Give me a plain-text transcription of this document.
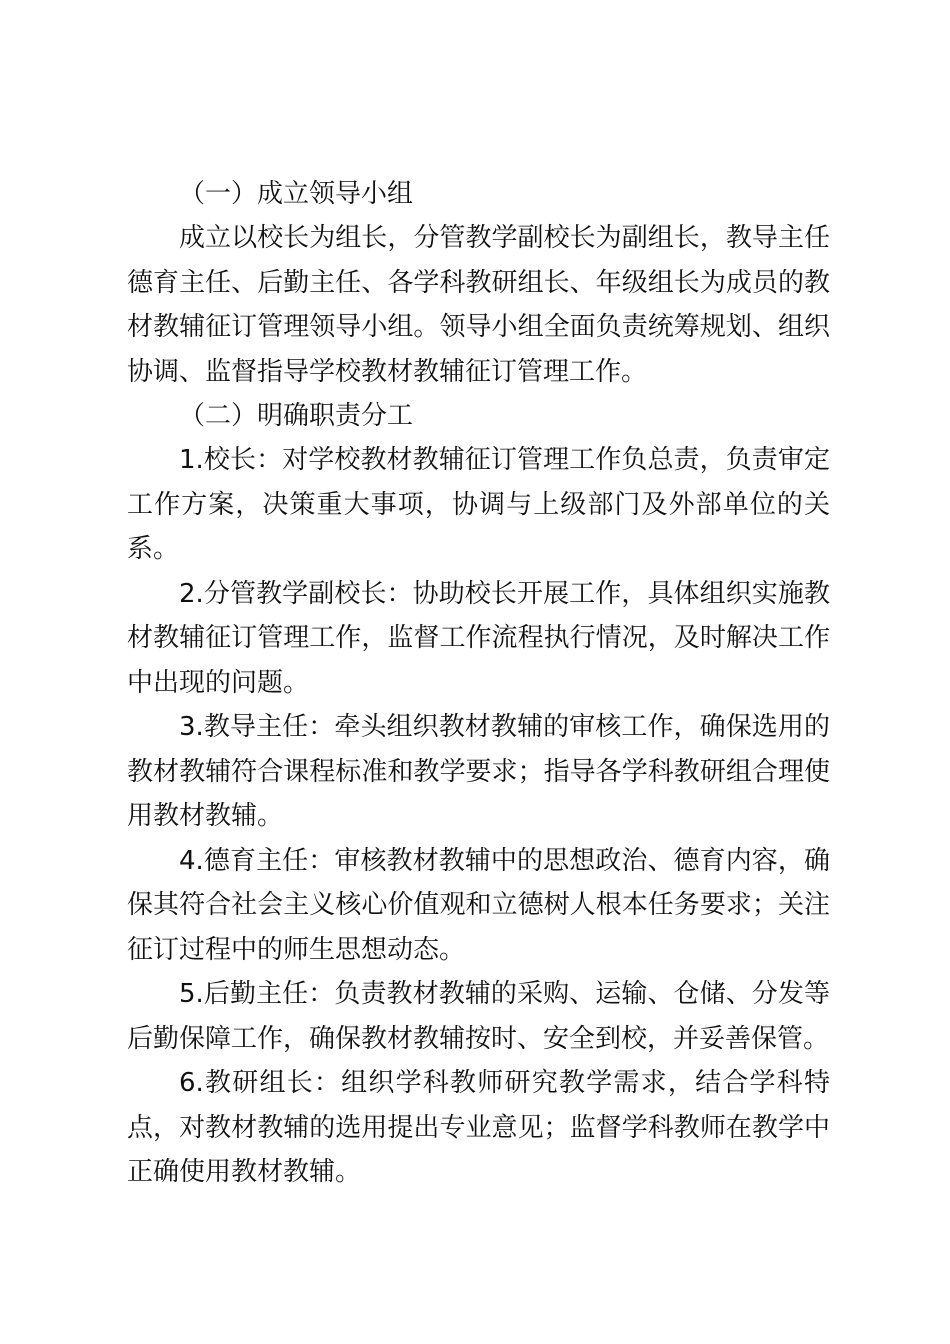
（一）成立领导小组

成立以校长为组长，分管教学副校长为副组长，教导主任德育主任、后勤主任、各学科教研组长、年级组长为成员的教材教辅征订管理领导小组。领导小组全面负责统筹规划、组织协调、监督指导学校教材教辅征订管理工作。

（二）明确职责分工

1.校长：对学校教材教辅征订管理工作负总责，负责审定工作方案，决策重大事项，协调与上级部门及外部单位的关系。

2.分管教学副校长：协助校长开展工作，具体组织实施教材教辅征订管理工作，监督工作流程执行情况，及时解决工作中出现的问题。

3.教导主任：牵头组织教材教辅的审核工作，确保选用的教材教辅符合课程标准和教学要求；指导各学科教研组合理使用教材教辅。

4.德育主任：审核教材教辅中的思想政治、德育内容，确保其符合社会主义核心价值观和立德树人根本任务要求；关注征订过程中的师生思想动态。

5.后勤主任：负责教材教辅的采购、运输、仓储、分发等后勤保障工作，确保教材教辅按时、安全到校，并妥善保管。

6.教研组长：组织学科教师研究教学需求，结合学科特点，对教材教辅的选用提出专业意见；监督学科教师在教学中正确使用教材教辅。
